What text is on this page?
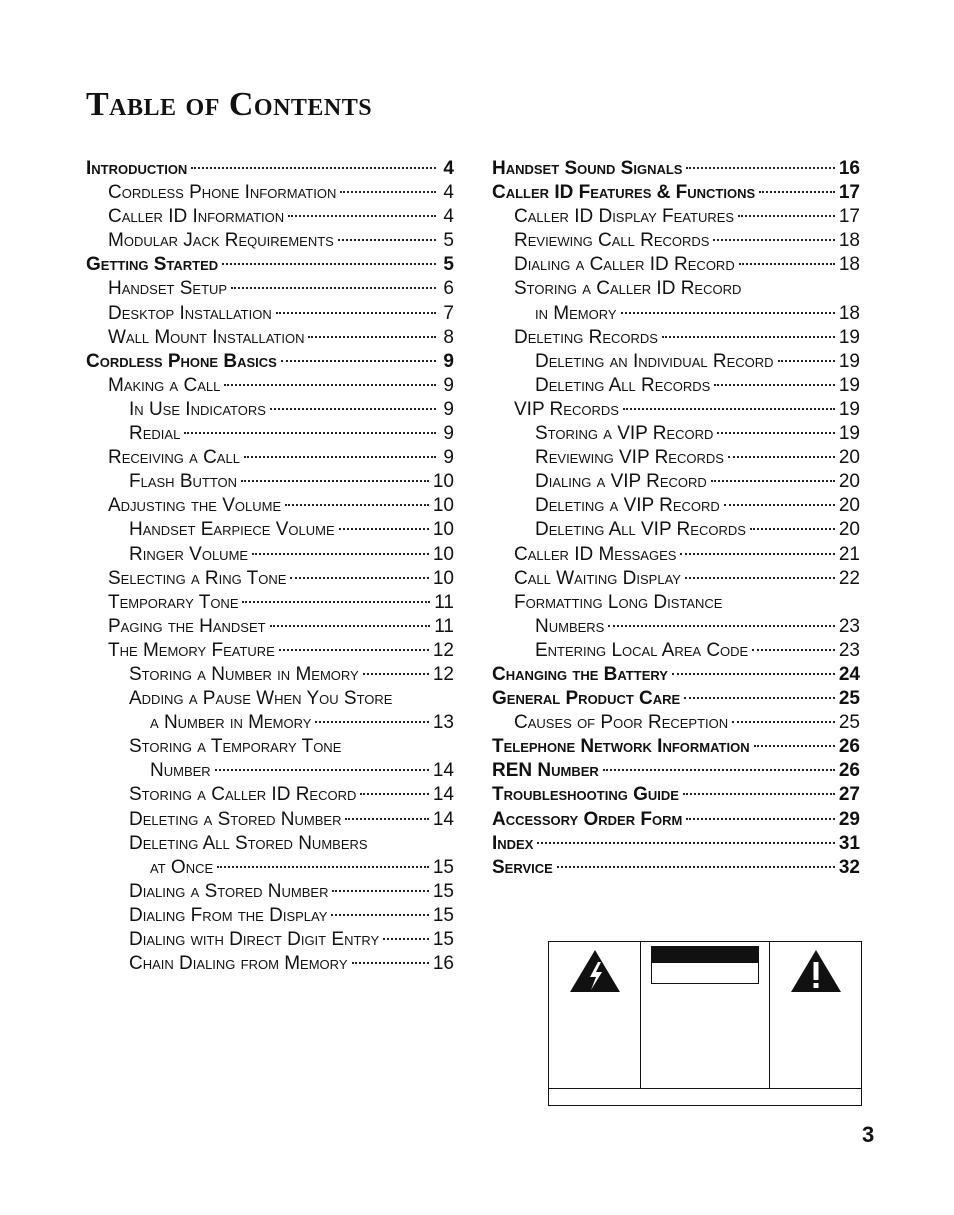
Table of Contents
Introduction	4
Cordless Phone Information	4
Caller ID Information	4
Modular Jack Requirements	5
Getting Started	5
Handset Setup	6
Desktop Installation	7
Wall Mount Installation	8
Cordless Phone Basics	9
Making a Call	9
In Use Indicators	9
Redial	9
Receiving a Call	9
Flash Button	10
Adjusting the Volume	10
Handset Earpiece Volume	10
Ringer Volume	10
Selecting a Ring Tone	10
Temporary Tone	11
Paging the Handset	11
The Memory Feature	12
Storing a Number in Memory	12
Adding a Pause When You Store
a Number in Memory	13
Storing a Temporary Tone
Number	14
Storing a Caller ID Record	14
Deleting a Stored Number	14
Deleting All Stored Numbers
at Once	15
Dialing a Stored Number	15
Dialing From the Display	15
Dialing with Direct Digit Entry	15
Chain Dialing from Memory	16
Handset Sound Signals	16
Caller ID Features & Functions	17
Caller ID Display Features	17
Reviewing Call Records	18
Dialing a Caller ID Record	18
Storing a Caller ID Record
in Memory	18
Deleting Records	19
Deleting an Individual Record	19
Deleting All Records	19
VIP Records	19
Storing a VIP Record	19
Reviewing VIP Records	20
Dialing a VIP Record	20
Deleting a VIP Record	20
Deleting All VIP Records	20
Caller ID Messages	21
Call Waiting Display	22
Formatting Long Distance
Numbers	23
Entering Local Area Code	23
Changing the Battery	24
General Product Care	25
Causes of Poor Reception	25
Telephone Network Information	26
REN Number	26
Troubleshooting Guide	27
Accessory Order Form	29
Index	31
Service	32
3
